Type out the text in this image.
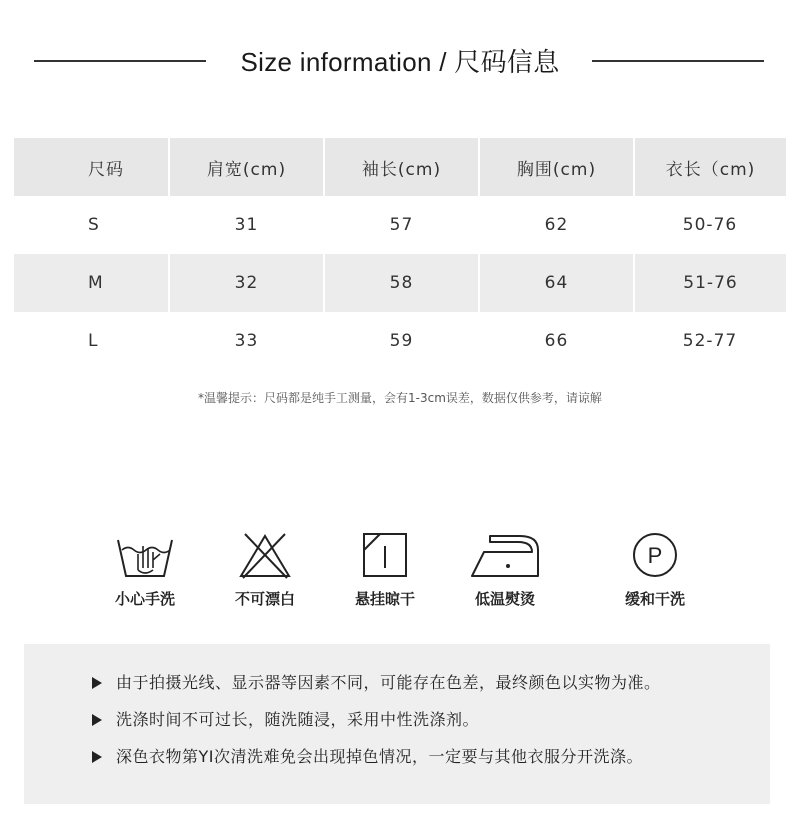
Size information / 尺码信息
尺码	肩宽(cm)	袖长(cm)	胸围(cm)	衣长（cm)
S	31	57	62	50-76
M	32	58	64	51-76
L	33	59	66	52-77
*温馨提示：尺码都是纯手工测量，会有1-3cm误差，数据仅供参考，请谅解
小心手洗	不可漂白	悬挂晾干	低温熨烫
P
缓和干洗
由于拍摄光线、显示器等因素不同，可能存在色差，最终颜色以实物为准。
洗涤时间不可过长，随洗随浸，采用中性洗涤剂。
深色衣物第YI次清洗难免会出现掉色情况，一定要与其他衣服分开洗涤。
